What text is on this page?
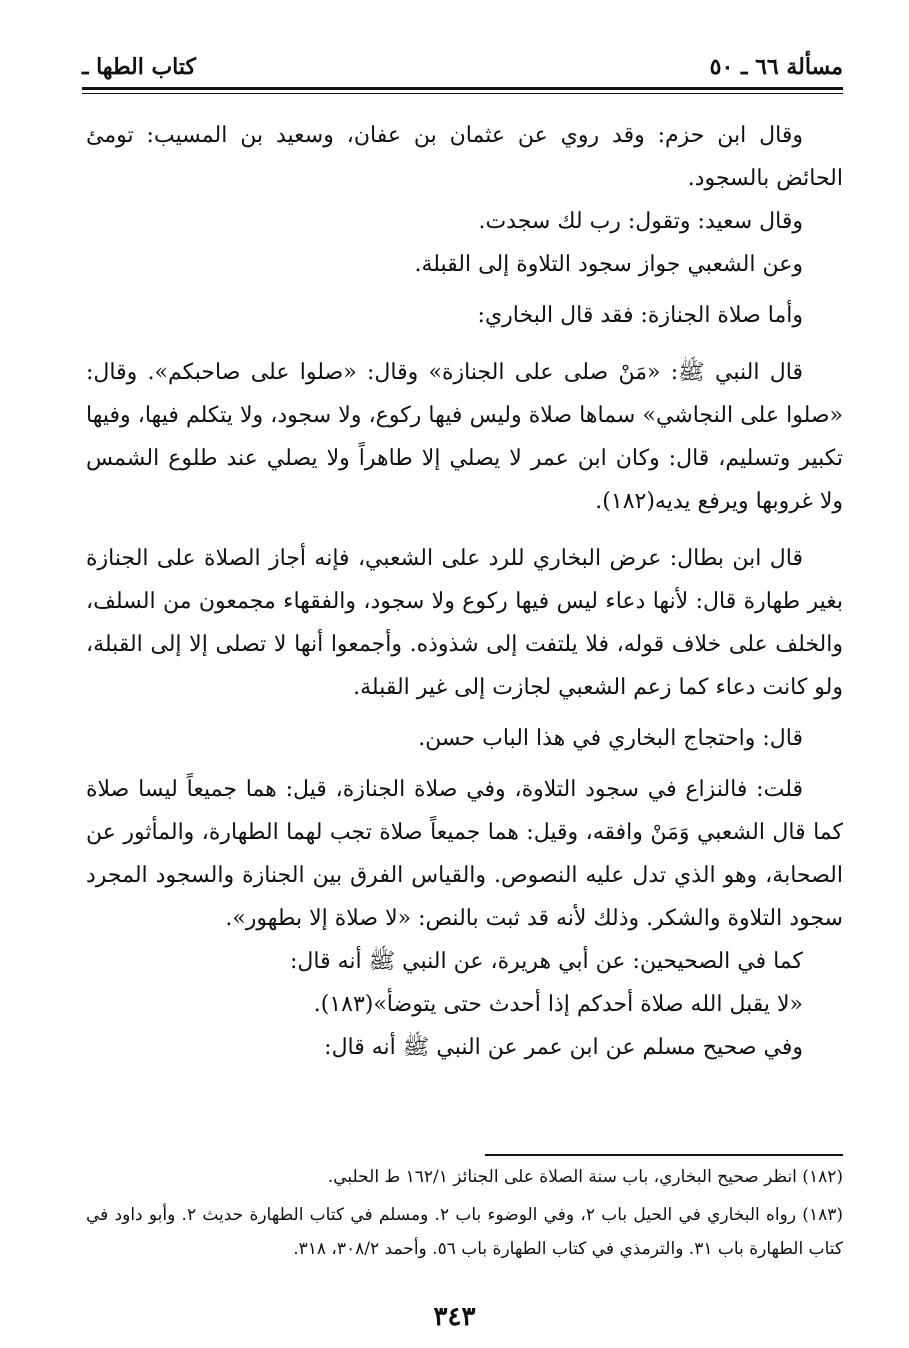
مسألة ٦٦ ـ ٥٠
كتاب الطها ـ

وقال ابن حزم: وقد روي عن عثمان بن عفان، وسعيد بن المسيب: تومئ الحائض بالسجود.

وقال سعيد: وتقول: رب لك سجدت.

وعن الشعبي جواز سجود التلاوة إلى القبلة.

وأما صلاة الجنازة: فقد قال البخاري:

قال النبي ﷺ: «مَنْ صلى على الجنازة» وقال: «صلوا على صاحبكم». وقال: «صلوا على النجاشي» سماها صلاة وليس فيها ركوع، ولا سجود، ولا يتكلم فيها، وفيها تكبير وتسليم، قال: وكان ابن عمر لا يصلي إلا طاهراً ولا يصلي عند طلوع الشمس ولا غروبها ويرفع يديه(١٨٢).

قال ابن بطال: عرض البخاري للرد على الشعبي، فإنه أجاز الصلاة على الجنازة بغير طهارة قال: لأنها دعاء ليس فيها ركوع ولا سجود، والفقهاء مجمعون من السلف، والخلف على خلاف قوله، فلا يلتفت إلى شذوذه. وأجمعوا أنها لا تصلى إلا إلى القبلة، ولو كانت دعاء كما زعم الشعبي لجازت إلى غير القبلة.

قال: واحتجاج البخاري في هذا الباب حسن.

قلت: فالنزاع في سجود التلاوة، وفي صلاة الجنازة، قيل: هما جميعاً ليسا صلاة كما قال الشعبي وَمَنْ وافقه، وقيل: هما جميعاً صلاة تجب لهما الطهارة، والمأثور عن الصحابة، وهو الذي تدل عليه النصوص. والقياس الفرق بين الجنازة والسجود المجرد سجود التلاوة والشكر. وذلك لأنه قد ثبت بالنص: «لا صلاة إلا بطهور».

كما في الصحيحين: عن أبي هريرة، عن النبي ﷺ أنه قال:

«لا يقبل الله صلاة أحدكم إذا أحدث حتى يتوضأ»(١٨٣).

وفي صحيح مسلم عن ابن عمر عن النبي ﷺ أنه قال:

(١٨٢) انظر صحيح البخاري، باب سنة الصلاة على الجنائز ١٦٢/١ ط الحلبي.

(١٨٣) رواه البخاري في الحيل باب ٢، وفي الوضوء باب ٢. ومسلم في كتاب الطهارة حديث ٢. وأبو داود في كتاب الطهارة باب ٣١. والترمذي في كتاب الطهارة باب ٥٦. وأحمد ٣٠٨/٢، ٣١٨.

٣٤٣
